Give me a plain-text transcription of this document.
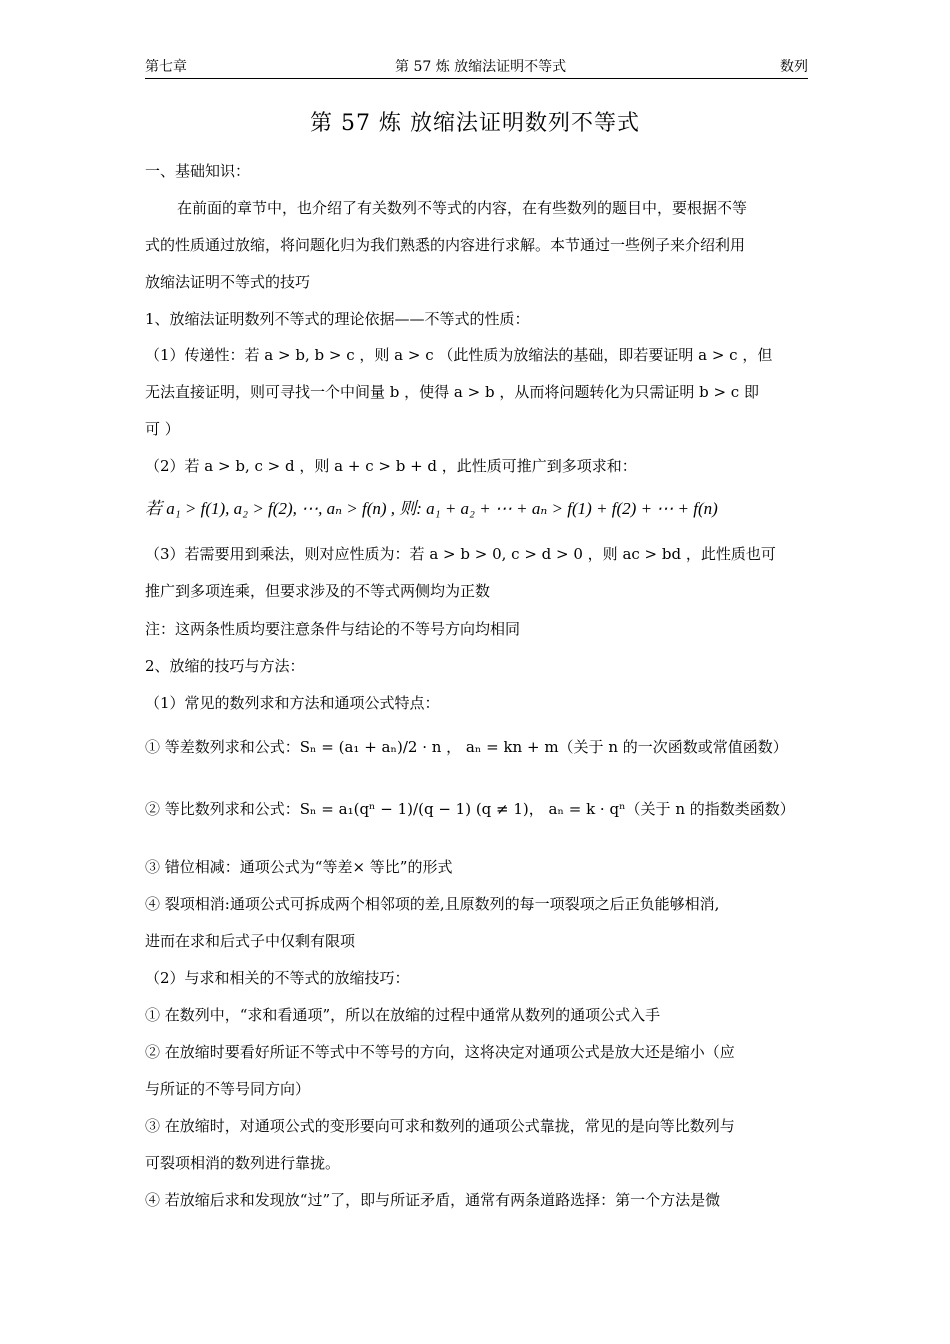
第七章	第 57 炼 放缩法证明不等式	数列
第 57 炼 放缩法证明数列不等式
一、基础知识：
在前面的章节中，也介绍了有关数列不等式的内容，在有些数列的题目中，要根据不等
式的性质通过放缩，将问题化归为我们熟悉的内容进行求解。本节通过一些例子来介绍利用
放缩法证明不等式的技巧
1、放缩法证明数列不等式的理论依据——不等式的性质：
（1）传递性：若 a > b, b > c ，则 a > c （此性质为放缩法的基础，即若要证明 a > c ，但
无法直接证明，则可寻找一个中间量 b ，使得 a > b ，从而将问题转化为只需证明 b > c 即
可 ）
（2）若 a > b, c > d ，则 a + c > b + d ，此性质可推广到多项求和：
若 a₁ > f(1), a₂ > f(2), ⋯, aₙ > f(n) , 则: a₁ + a₂ + ⋯ + aₙ > f(1) + f(2) + ⋯ + f(n)
（3）若需要用到乘法，则对应性质为：若 a > b > 0, c > d > 0 ，则 ac > bd ，此性质也可
推广到多项连乘，但要求涉及的不等式两侧均为正数
注：这两条性质均要注意条件与结论的不等号方向均相同
2、放缩的技巧与方法：
（1）常见的数列求和方法和通项公式特点：
① 等差数列求和公式：Sₙ = (a₁ + aₙ)/2 · n ， aₙ = kn + m（关于 n 的一次函数或常值函数）
② 等比数列求和公式：Sₙ = a₁(qⁿ − 1)/(q − 1) (q ≠ 1)， aₙ = k · qⁿ（关于 n 的指数类函数）
③ 错位相减：通项公式为“等差× 等比”的形式
④ 裂项相消:通项公式可拆成两个相邻项的差,且原数列的每一项裂项之后正负能够相消,
进而在求和后式子中仅剩有限项
（2）与求和相关的不等式的放缩技巧：
① 在数列中，“求和看通项”，所以在放缩的过程中通常从数列的通项公式入手
② 在放缩时要看好所证不等式中不等号的方向，这将决定对通项公式是放大还是缩小（应
与所证的不等号同方向）
③ 在放缩时，对通项公式的变形要向可求和数列的通项公式靠拢，常见的是向等比数列与
可裂项相消的数列进行靠拢。
④ 若放缩后求和发现放“过”了，即与所证矛盾，通常有两条道路选择：第一个方法是微
